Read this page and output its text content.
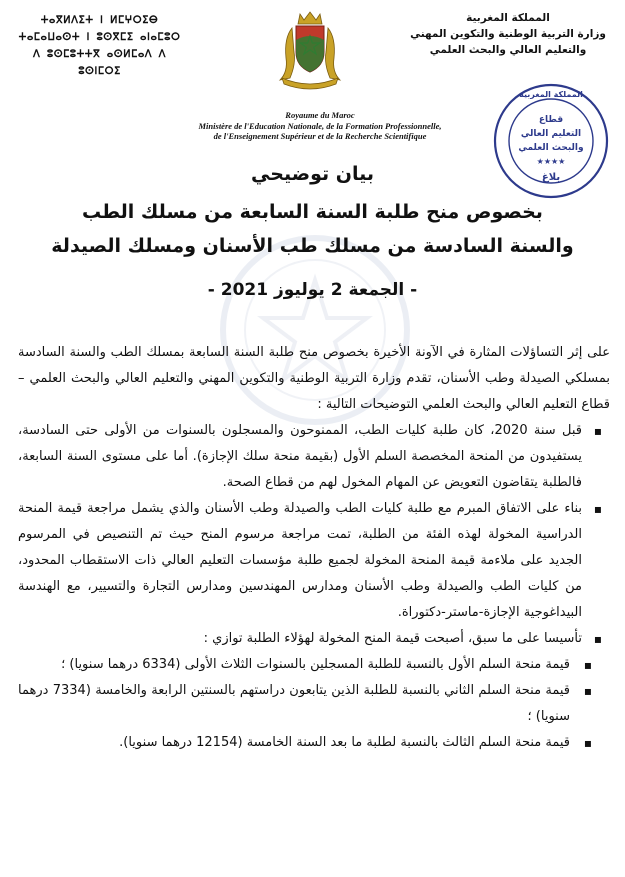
المملكة المغربية
وزارة التربية الوطنية والتكوين المهني
والتعليم العالي والبحث العلمي
ⵜⴰⴳⵍⴷⵉⵜ ⵏ ⵍⵎⵖⵔⵉⴱ
ⵜⴰⵎⴰⵡⴰⵙⵜ ⵏ ⵓⵙⴳⵎⵉ ⴰⵏⴰⵎⵓⵔ
ⴷ ⵓⵙⵎⵓⵜⵜⴳ ⴰⵙⵍⵎⴰⴷ ⴷ ⵓⵙⵏⵎⵔⵉ
Royaume du Maroc
Ministère de l'Education Nationale, de la Formation Professionnelle,
de l'Enseignement Supérieur et de la Recherche Scientifique
المملكة المغربية
قطاع
التعليم العالي
والبحث العلمي
★★★★
بلاغ
بيان توضيحي
بخصوص منح طلبة السنة السابعة من مسلك الطب
والسنة السادسة من مسلك طب الأسنان ومسلك الصيدلة
- الجمعة 2 يوليوز 2021 -

على إثر التساؤلات المثارة في الآونة الأخيرة بخصوص منح طلبة السنة السابعة بمسلك الطب والسنة السادسة بمسلكي الصيدلة وطب الأسنان، تقدم وزارة التربية الوطنية والتكوين المهني والتعليم العالي والبحث العلمي – قطاع التعليم العالي والبحث العلمي التوضيحات التالية :

▪ قبل سنة 2020، كان طلبة كليات الطب، الممنوحون والمسجلون بالسنوات من الأولى حتى السادسة، يستفيدون من المنحة المخصصة السلم الأول (بقيمة منحة سلك الإجازة). أما على مستوى السنة السابعة، فالطلبة يتقاضون التعويض عن المهام المخول لهم من قطاع الصحة.
▪ بناء على الاتفاق المبرم مع طلبة كليات الطب والصيدلة وطب الأسنان والذي يشمل مراجعة قيمة المنحة الدراسية المخولة لهذه الفئة من الطلبة، تمت مراجعة مرسوم المنح حيث تم التنصيص في المرسوم الجديد على ملاءمة قيمة المنحة المخولة لجميع طلبة مؤسسات التعليم العالي ذات الاستقطاب المحدود، من كليات الطب والصيدلة وطب الأسنان ومدارس المهندسين ومدارس التجارة والتسيير، مع الهندسة البيداغوجية الإجازة-ماستر-دكتوراة.
▪ تأسيسا على ما سبق، أصبحت قيمة المنح المخولة لهؤلاء الطلبة توازي :
▪ قيمة منحة السلم الأول بالنسبة للطلبة المسجلين بالسنوات الثلاث الأولى (6334 درهما سنويا) ؛
▪ قيمة منحة السلم الثاني بالنسبة للطلبة الذين يتابعون دراستهم بالسنتين الرابعة والخامسة (7334 درهما سنويا) ؛
▪ قيمة منحة السلم الثالث بالنسبة لطلبة ما بعد السنة الخامسة (12154 درهما سنويا).
